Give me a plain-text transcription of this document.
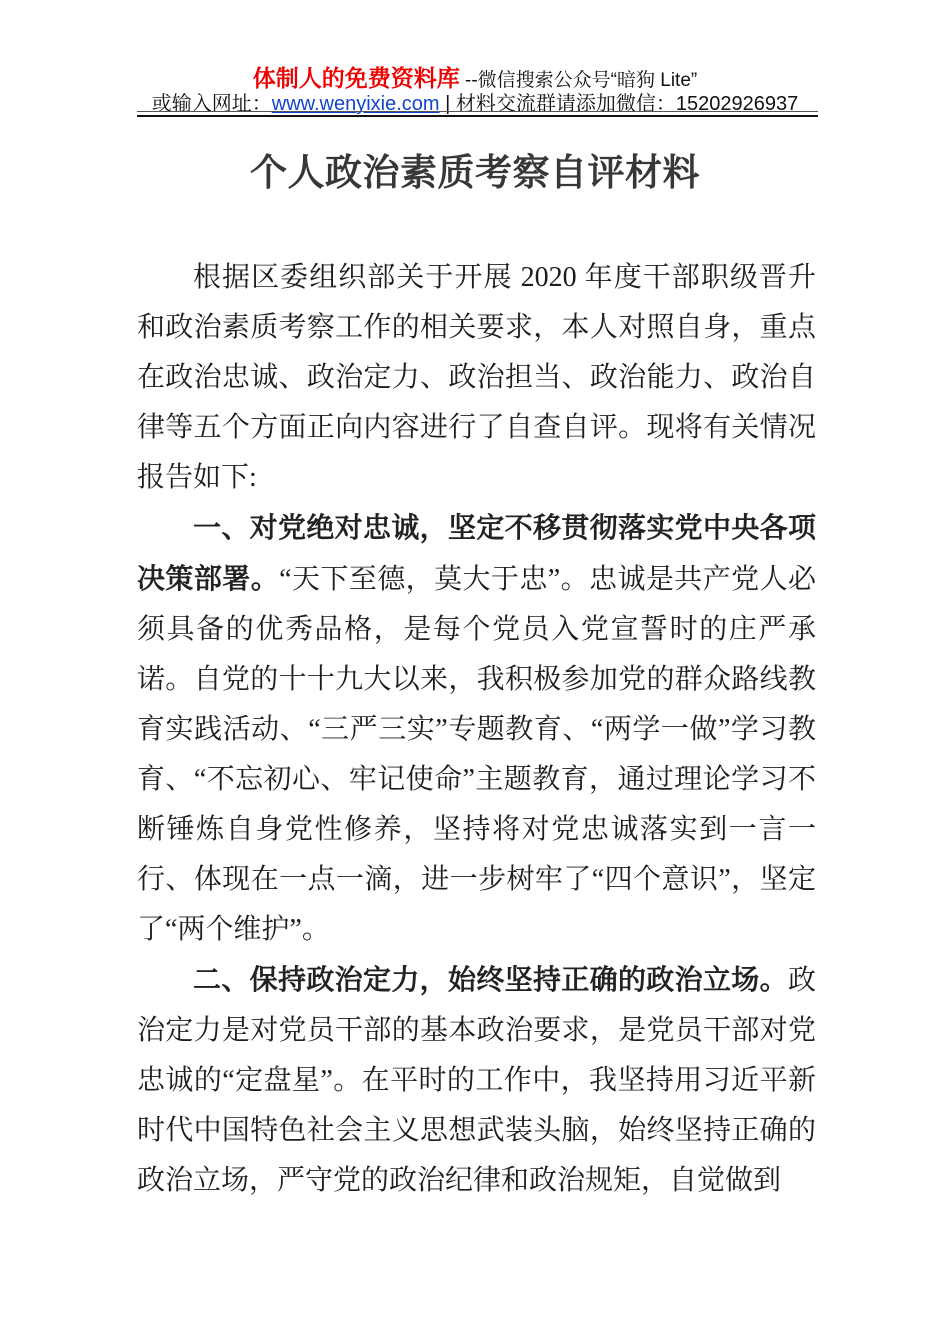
体制人的免费资料库 --微信搜索公众号“暗狗 Lite”
或输入网址：www.wenyixie.com | 材料交流群请添加微信：15202926937
个人政治素质考察自评材料

根据区委组织部关于开展 2020 年度干部职级晋升和政治素质考察工作的相关要求，本人对照自身，重点在政治忠诚、政治定力、政治担当、政治能力、政治自律等五个方面正向内容进行了自查自评。现将有关情况报告如下:

一、对党绝对忠诚，坚定不移贯彻落实党中央各项决策部署。“天下至德，莫大于忠”。忠诚是共产党人必须具备的优秀品格，是每个党员入党宣誓时的庄严承诺。自党的十十九大以来，我积极参加党的群众路线教育实践活动、“三严三实”专题教育、“两学一做”学习教育、“不忘初心、牢记使命”主题教育，通过理论学习不断锤炼自身党性修养，坚持将对党忠诚落实到一言一行、体现在一点一滴，进一步树牢了“四个意识”，坚定了“两个维护”。

二、保持政治定力，始终坚持正确的政治立场。政治定力是对党员干部的基本政治要求，是党员干部对党忠诚的“定盘星”。在平时的工作中，我坚持用习近平新时代中国特色社会主义思想武装头脑，始终坚持正确的政治立场，严守党的政治纪律和政治规矩，自觉做到
